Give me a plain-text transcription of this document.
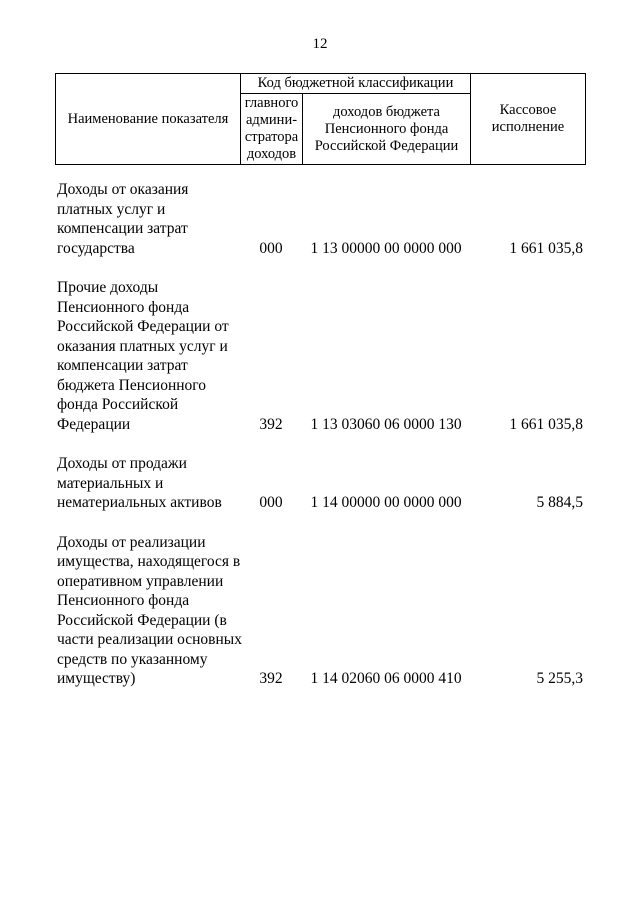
12
Наименование показателя	Код бюджетной классификации		Кассовое исполнение
	главного админи-стратора доходов	доходов бюджета Пенсионного фонда Российской Федерации	
Доходы от оказания платных услуг и компенсации затрат государства	000	1 13 00000 00 0000 000	1 661 035,8
Прочие доходы Пенсионного фонда Российской Федерации от оказания платных услуг и компенсации затрат бюджета Пенсионного фонда Российской Федерации	392	1 13 03060 06 0000 130	1 661 035,8
Доходы от продажи материальных и нематериальных активов	000	1 14 00000 00 0000 000	5 884,5
Доходы от реализации имущества, находящегося в оперативном управлении Пенсионного фонда Российской Федерации (в части реализации основных средств по указанному имуществу)	392	1 14 02060 06 0000 410	5 255,3
